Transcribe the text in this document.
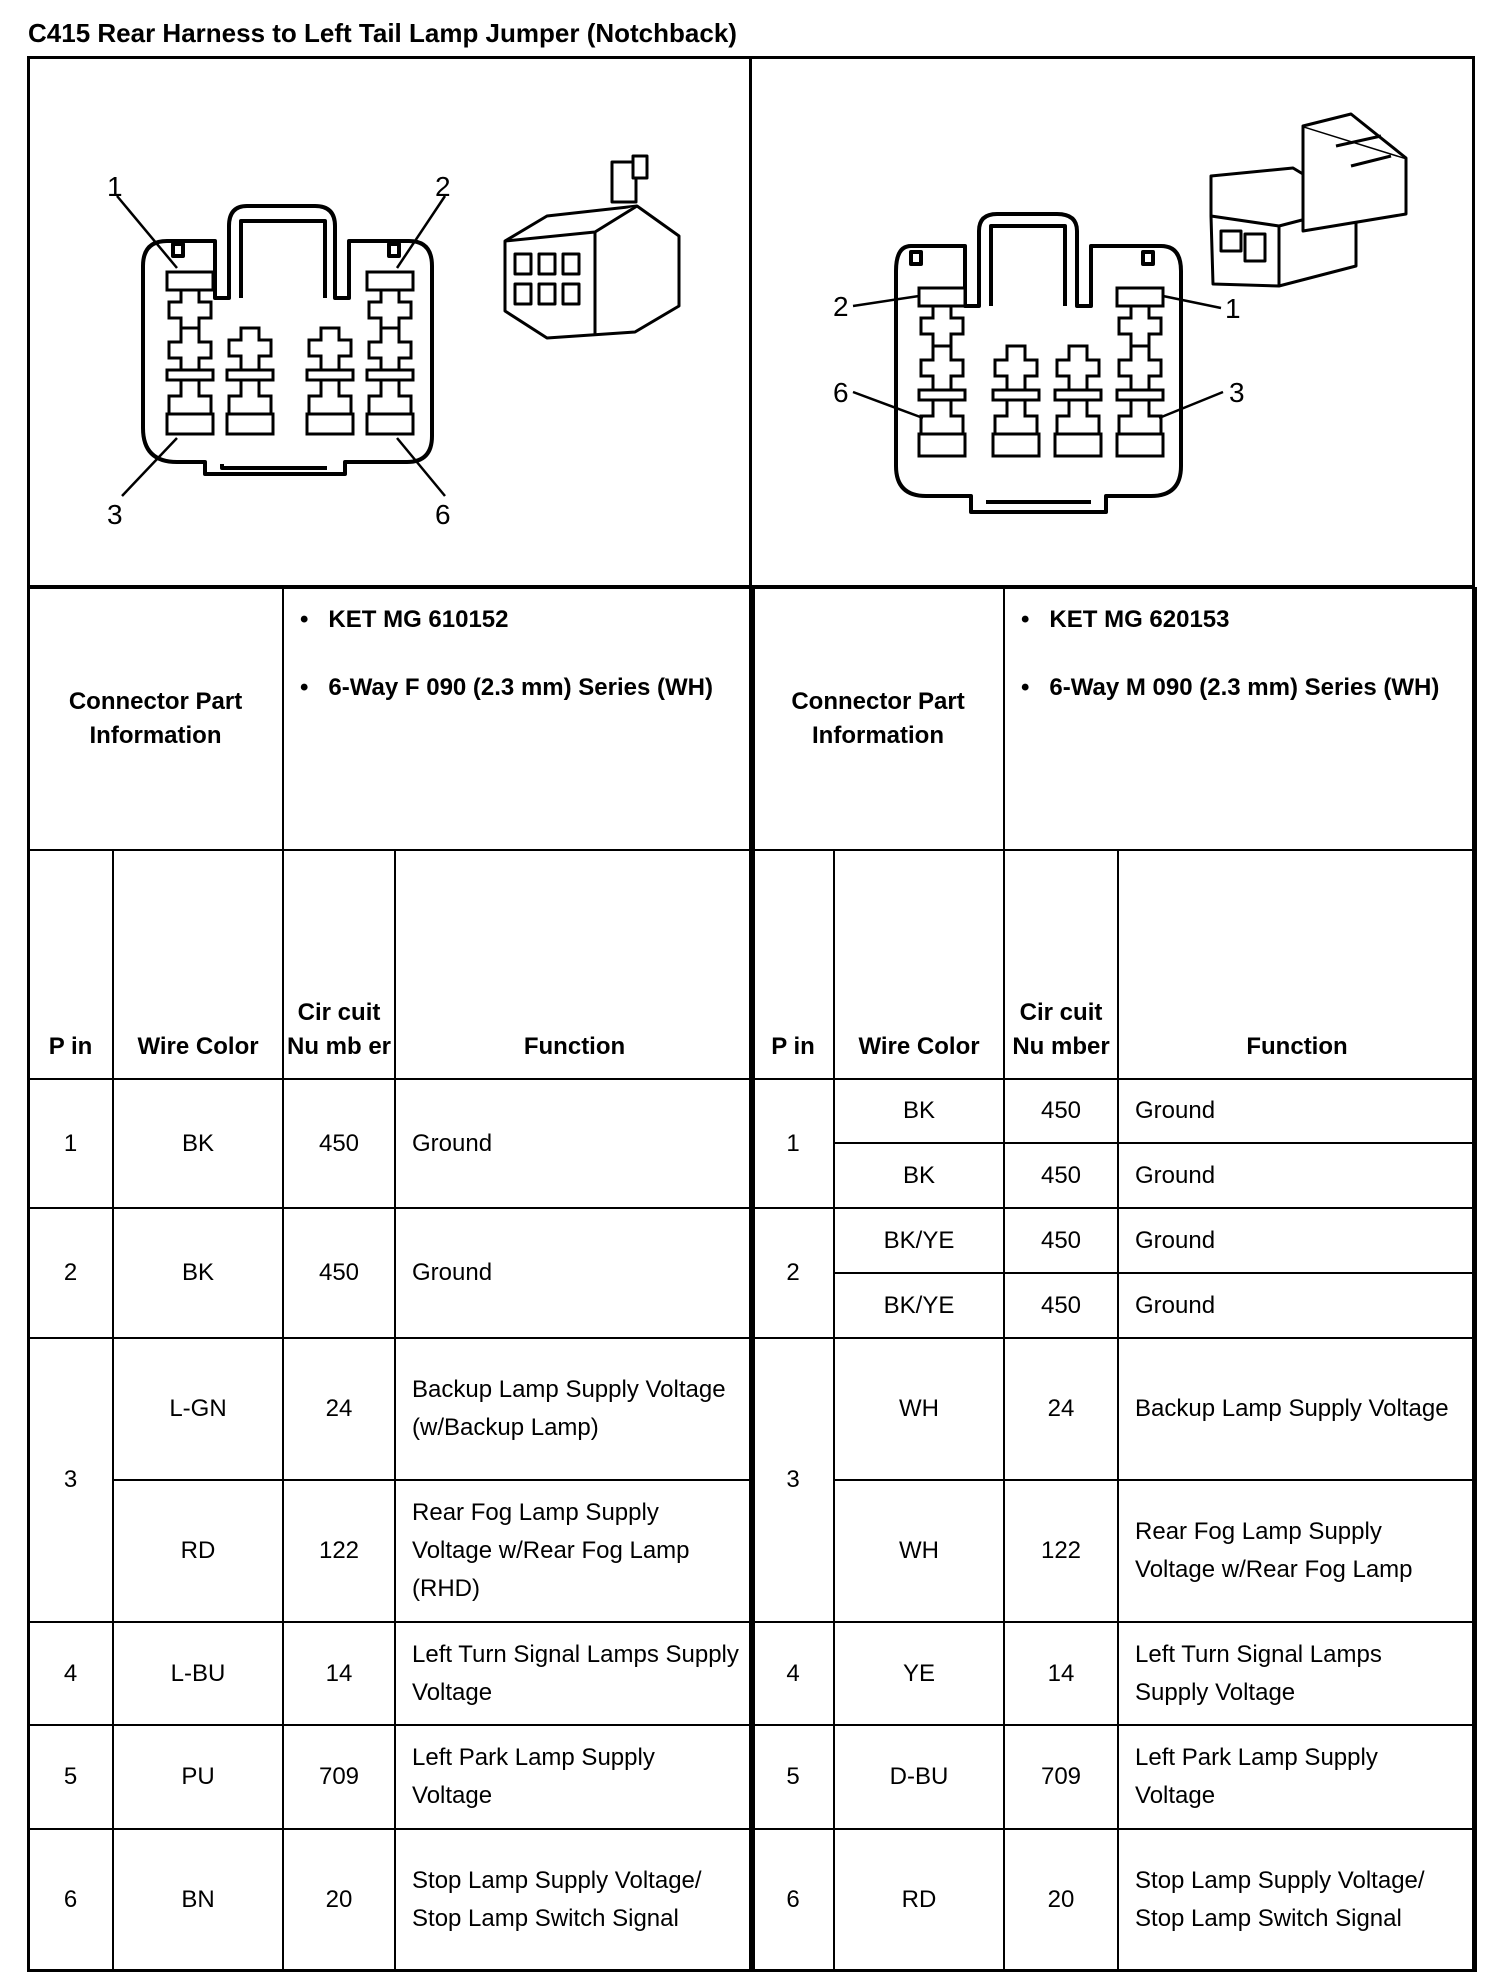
C415 Rear Harness to Left Tail Lamp Jumper (Notchback)
1	2
3	6
2	1
6	3
Connector Part Information		•   KET MG 610152
•   6-Way F 090 (2.3 mm) Series (WH)	

P in	Wire Color	Cir cuit Nu mb er	Function
1	BK	450	Ground
2	BK	450	Ground
3	L-GN	24	Backup Lamp Supply Voltage (w/Backup Lamp)
	RD	122	Rear Fog Lamp Supply Voltage w/Rear Fog Lamp (RHD)
4	L-BU	14	Left Turn Signal Lamps Supply Voltage
5	PU	709	Left Park Lamp Supply Voltage
6	BN	20	Stop Lamp Supply Voltage/ Stop Lamp Switch Signal
Connector Part Information		•   KET MG 620153
•   6-Way M 090 (2.3 mm) Series (WH)	

P in	Wire Color	Cir cuit Nu mber	Function
1	BK	450	Ground
	BK	450	Ground
2	BK/YE	450	Ground
	BK/YE	450	Ground
3	WH	24	Backup Lamp Supply Voltage
	WH	122	Rear Fog Lamp Supply Voltage w/Rear Fog Lamp
4	YE	14	Left Turn Signal Lamps Supply Voltage
5	D-BU	709	Left Park Lamp Supply Voltage
6	RD	20	Stop Lamp Supply Voltage/ Stop Lamp Switch Signal
